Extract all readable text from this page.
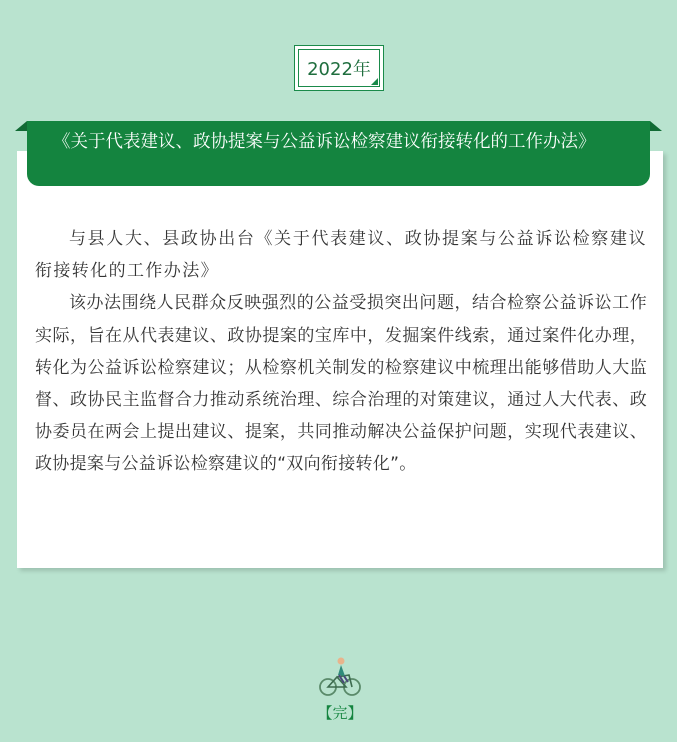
2022年
《关于代表建议、政协提案与公益诉讼检察建议衔接转化的工作办法》

与县人大、县政协出台《关于代表建议、政协提案与公益诉讼检察建议衔接转化的工作办法》

该办法围绕人民群众反映强烈的公益受损突出问题，结合检察公益诉讼工作实际，旨在从代表建议、政协提案的宝库中，发掘案件线索，通过案件化办理，转化为公益诉讼检察建议；从检察机关制发的检察建议中梳理出能够借助人大监督、政协民主监督合力推动系统治理、综合治理的对策建议，通过人大代表、政协委员在两会上提出建议、提案，共同推动解决公益保护问题，实现代表建议、政协提案与公益诉讼检察建议的“双向衔接转化”。

【完】
